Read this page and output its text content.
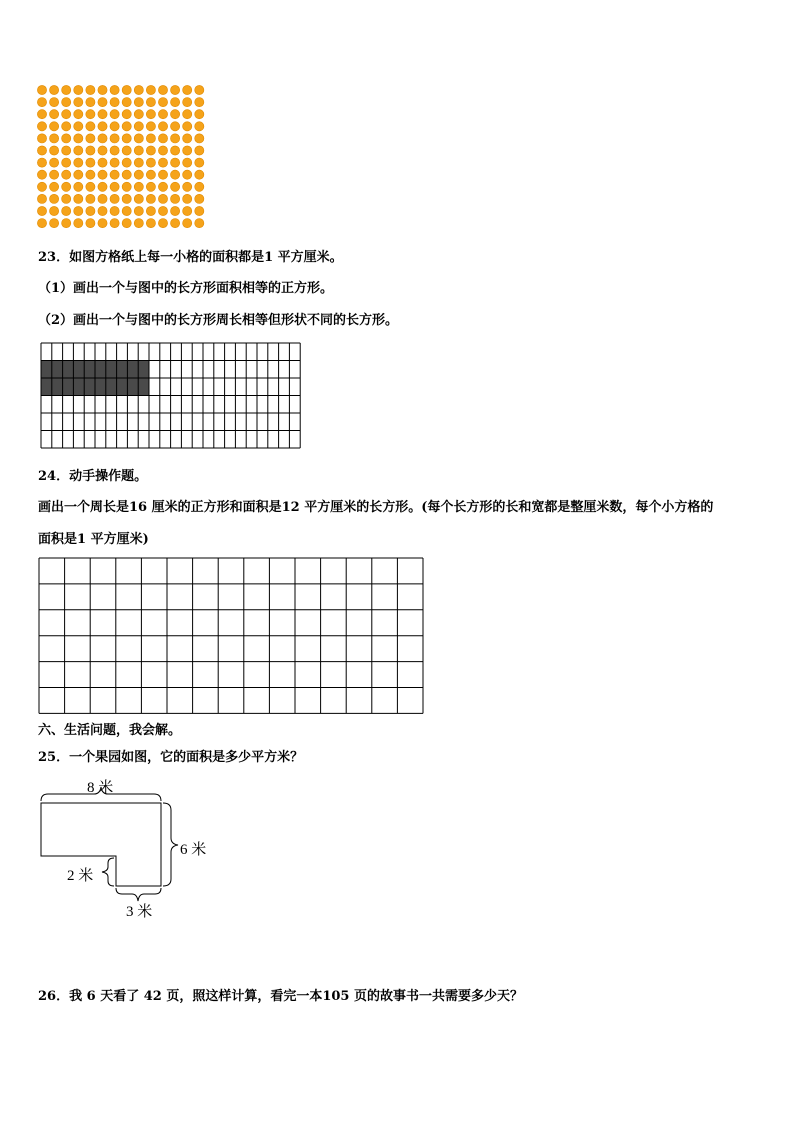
23．如图方格纸上每一小格的面积都是1 平方厘米。
（1）画出一个与图中的长方形面积相等的正方形。
（2）画出一个与图中的长方形周长相等但形状不同的长方形。
24．动手操作题。
画出一个周长是16 厘米的正方形和面积是12 平方厘米的长方形。(每个长方形的长和宽都是整厘米数，每个小方格的
面积是1 平方厘米)
六、生活问题，我会解。
25．一个果园如图，它的面积是多少平方米？
8 米
6 米
2 米
3 米
26．我 6 天看了 42 页，照这样计算，看完一本105 页的故事书一共需要多少天？
